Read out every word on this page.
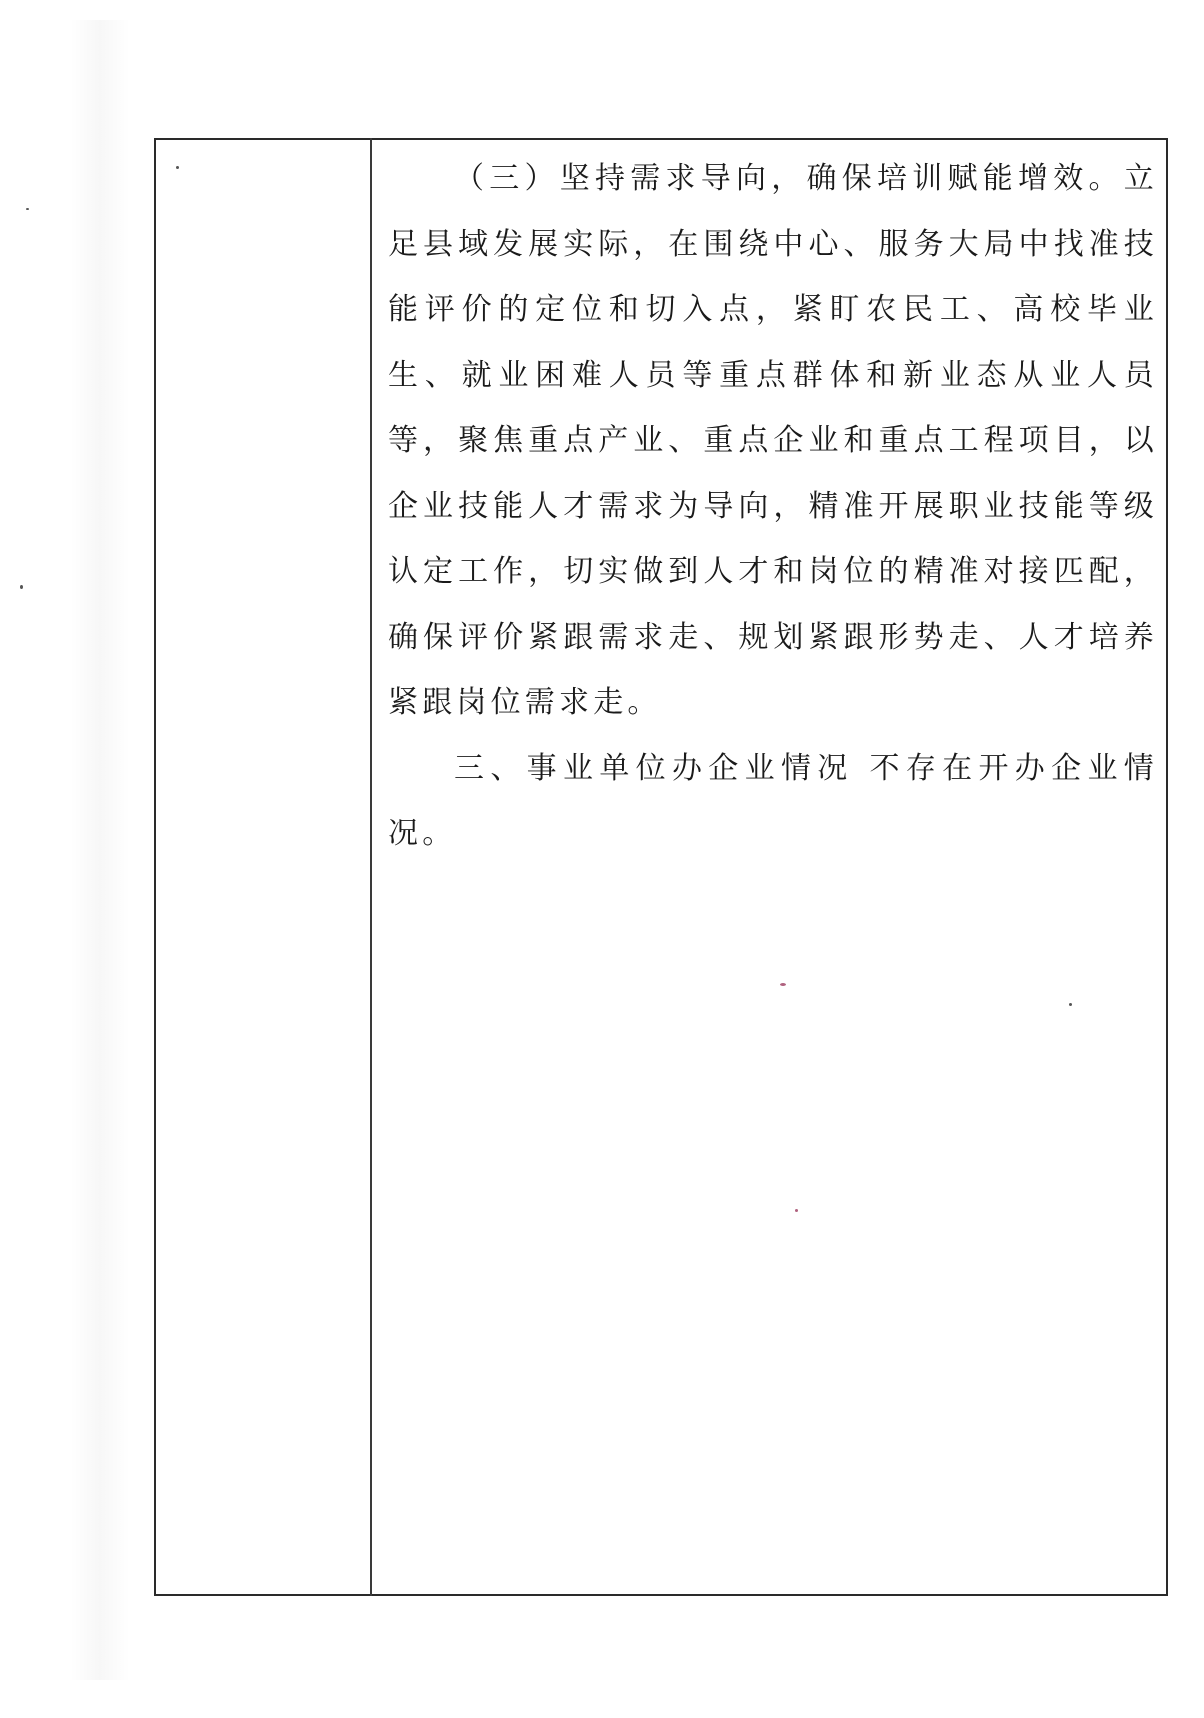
（三）坚持需求导向，确保培训赋能增效。立足县域发展实际，在围绕中心、服务大局中找准技能评价的定位和切入点，紧盯农民工、高校毕业生、就业困难人员等重点群体和新业态从业人员等，聚焦重点产业、重点企业和重点工程项目，以企业技能人才需求为导向，精准开展职业技能等级认定工作，切实做到人才和岗位的精准对接匹配，确保评价紧跟需求走、规划紧跟形势走、人才培养紧跟岗位需求走。

三、事业单位办企业情况 不存在开办企业情况。
